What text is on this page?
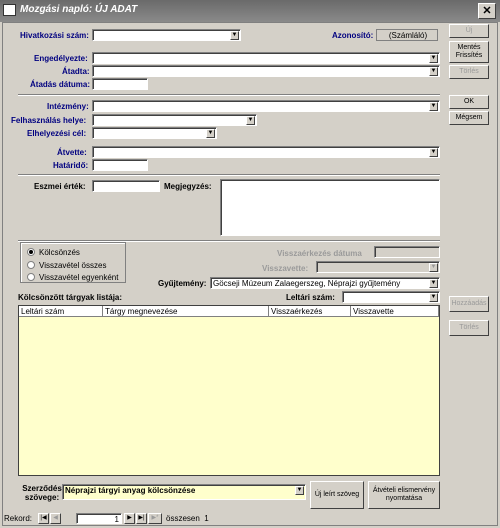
Mozgási napló: ÚJ ADAT	✕
Hivatkozási szám:	▼	Azonosító:	(Számláló)
Engedélyezte:	▼
Átadta:	▼
Átadás dátuma:
Intézmény:	▼
Felhasználás helye:	▼
Elhelyezési cél:	▼
Átvette:	▼
Határidő:
Eszmei érték:	Megjegyzés:
Kölcsönzés
Visszavétel összes
Visszavétel egyenként
Visszaérkezés dátuma
Visszavette:	▼
Gyűjtemény: Göcseji Múzeum Zalaegerszeg, Néprajzi gyűjtemény	▼
Kölcsönzött tárgyak listája:	Leltári szám:	▼
Leltári szám	Tárgy megnevezése	Visszaérkezés	Visszavette
Szerződés szövege:
Néprajzi tárgyi anyag kölcsönzése	▼
Új leírt szöveg
Átvételi elismervény nyomtatása
Új
Mentés Frissítés
Törlés
OK
Mégsem
Hozzáadás
Törlés
Rekord:	|◀	◀	1	▶	▶|	▶* összesen  1
